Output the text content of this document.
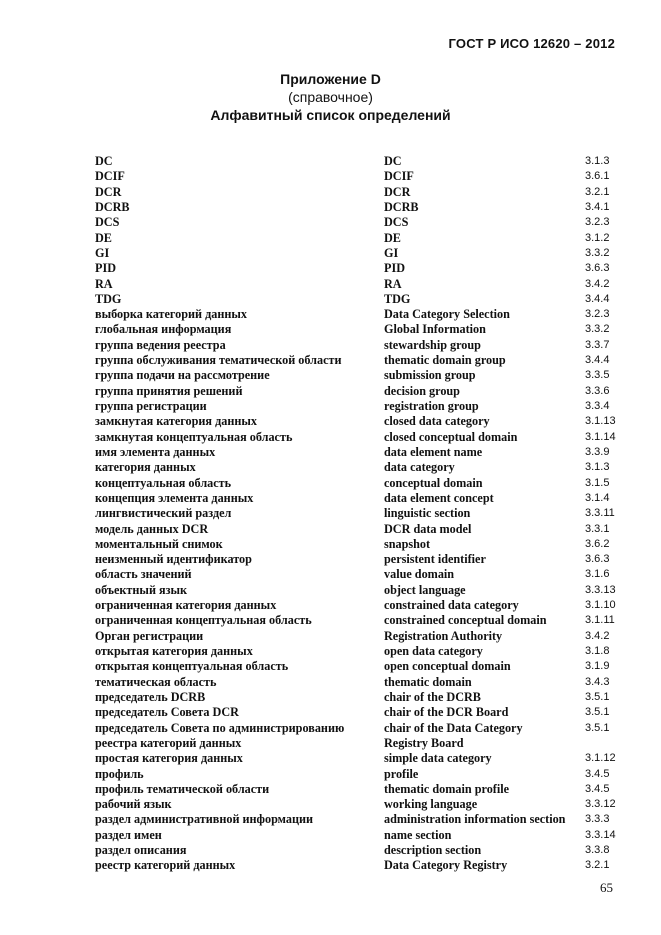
ГОСТ Р ИСО 12620 – 2012
Приложение D
(справочное)
Алфавитный список определений
DC	DC	3.1.3
DCIF	DCIF	3.6.1
DCR	DCR	3.2.1
DCRB	DCRB	3.4.1
DCS	DCS	3.2.3
DE	DE	3.1.2
GI	GI	3.3.2
PID	PID	3.6.3
RA	RA	3.4.2
TDG	TDG	3.4.4
выборка категорий данных	Data Category Selection	3.2.3
глобальная информация	Global Information	3.3.2
группа ведения реестра	stewardship group	3.3.7
группа обслуживания тематической области	thematic domain group	3.4.4
группа подачи на рассмотрение	submission group	3.3.5
группа принятия решений	decision group	3.3.6
группа регистрации	registration group	3.3.4
замкнутая категория данных	closed data category	3.1.13
замкнутая концептуальная область	closed conceptual domain	3.1.14
имя элемента данных	data element name	3.3.9
категория данных	data category	3.1.3
концептуальная область	conceptual domain	3.1.5
концепция элемента данных	data element concept	3.1.4
лингвистический раздел	linguistic section	3.3.11
модель данных DCR	DCR data model	3.3.1
моментальный снимок	snapshot	3.6.2
неизменный идентификатор	persistent identifier	3.6.3
область значений	value domain	3.1.6
объектный язык	object language	3.3.13
ограниченная категория данных	constrained data category	3.1.10
ограниченная концептуальная область	constrained conceptual domain	3.1.11
Орган регистрации	Registration Authority	3.4.2
открытая категория данных	open data category	3.1.8
открытая концептуальная область	open conceptual domain	3.1.9
тематическая область	thematic domain	3.4.3
председатель DCRB	chair of the DCRB	3.5.1
председатель Совета DCR	chair of the DCR Board	3.5.1
председатель Совета по администрированию	chair of the Data Category	3.5.1
реестра категорий данных	Registry Board
простая категория данных	simple data category	3.1.12
профиль	profile	3.4.5
профиль тематической области	thematic domain profile	3.4.5
рабочий язык	working language	3.3.12
раздел административной информации	administration information section 3.3.3
раздел имен	name section	3.3.14
раздел описания	description section	3.3.8
реестр категорий данных	Data Category Registry	3.2.1
65
